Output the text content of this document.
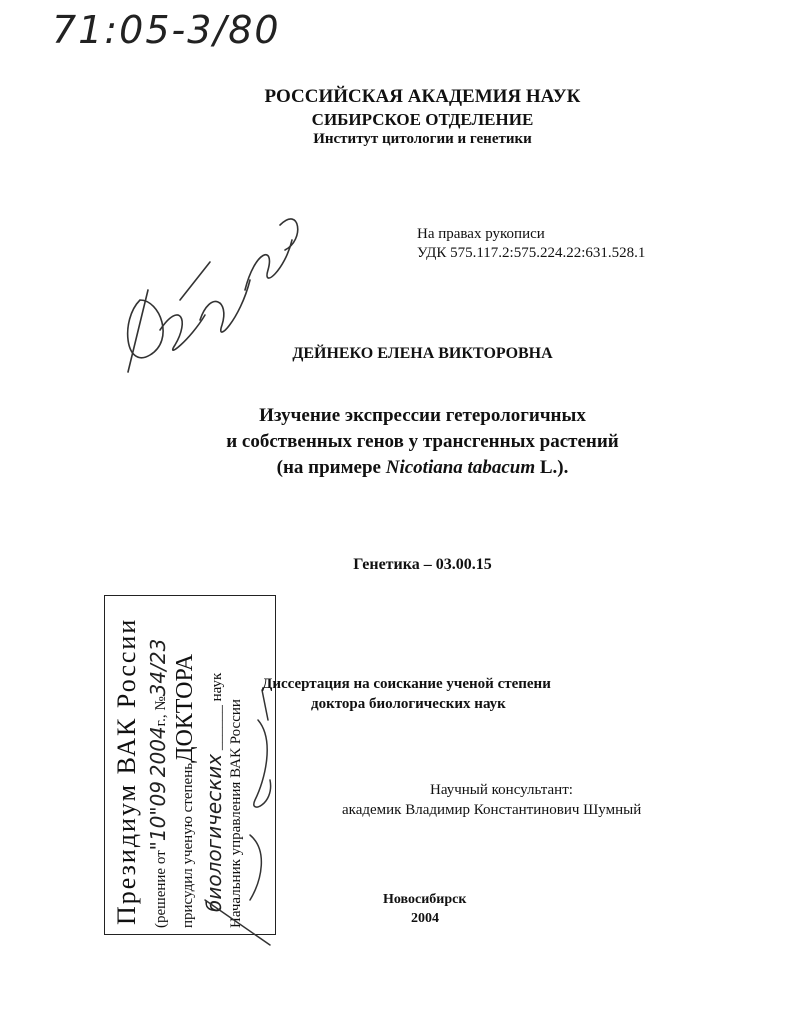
71:05-3/80
РОССИЙСКАЯ АКАДЕМИЯ НАУК
СИБИРСКОЕ ОТДЕЛЕНИЕ
Институт цитологии и генетики
На правах рукописи
УДК 575.117.2:575.224.22:631.528.1
ДЕЙНЕКО ЕЛЕНА ВИКТОРОВНА
Изучение экспрессии гетерологичных
и собственных генов у трансгенных растений
(на примере Nicotiana tabacum L.).
Генетика – 03.00.15
Президиум ВАК России (решение от"10"09 2004г., №34/23
присудил ученую степеньДОКТОРА
биологических ______ наук
Начальник управления ВАК России
Диссертация на соискание ученой степени
доктора биологических наук
Научный консультант:
академик Владимир Константинович Шумный
Новосибирск
2004
